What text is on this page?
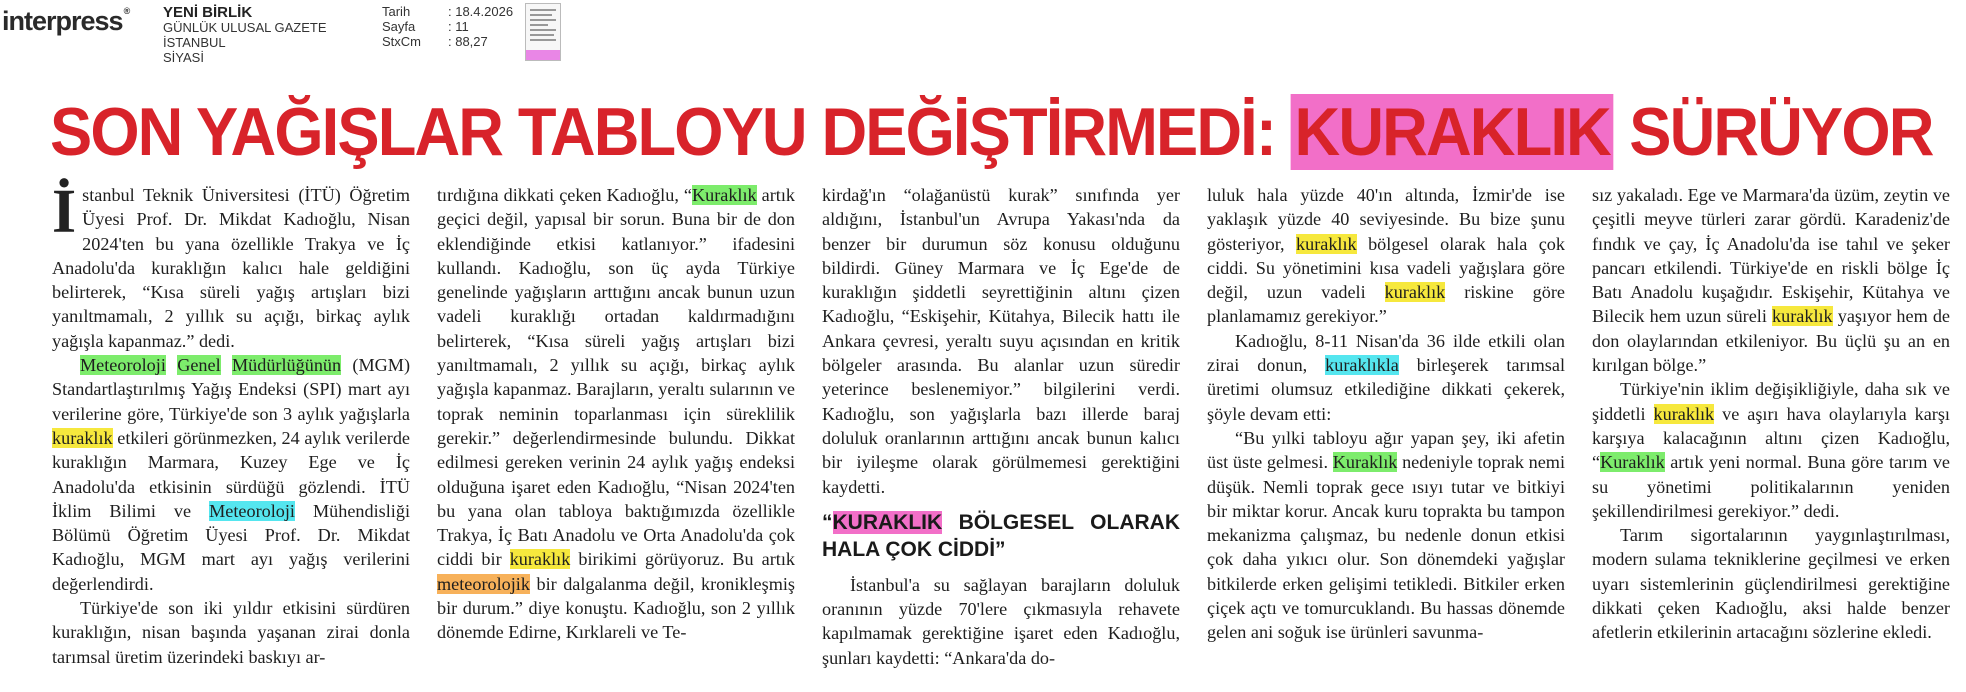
interpress® YENİ BİRLİK
GÜNLÜK ULUSAL GAZETE
İSTANBUL
SİYASİ
Tarih	: 18.4.2026
Sayfa	: 11
StxCm	: 88,27
SON YAĞIŞLAR TABLOYU DEĞİŞTİRMEDİ: KURAKLIK SÜRÜYOR

İstanbul Teknik Üniversitesi (İTÜ) Öğretim Üyesi Prof. Dr. Mikdat Kadıoğlu, Nisan 2024'ten bu yana özellikle Trakya ve İç Anadolu'da kuraklığın kalıcı hale geldiğini belirterek, “Kısa süreli yağış artışları bizi yanıltmamalı, 2 yıllık su açığı, birkaç aylık yağışla kapanmaz.” dedi.

Meteoroloji Genel Müdürlüğünün (MGM) Standartlaştırılmış Yağış Endeksi (SPI) mart ayı verilerine göre, Türkiye'de son 3 aylık yağışlarla kuraklık etkileri görünmezken, 24 aylık verilerde kuraklığın Marmara, Kuzey Ege ve İç Anadolu'da etkisinin sürdüğü gözlendi. İTÜ İklim Bilimi ve Meteoroloji Mühendisliği Bölümü Öğretim Üyesi Prof. Dr. Mikdat Kadıoğlu, MGM mart ayı yağış verilerini değerlendirdi.

Türkiye'de son iki yıldır etkisini sürdüren kuraklığın, nisan başında yaşanan zirai donla tarımsal üretim üzerindeki baskıyı ar-

tırdığına dikkati çeken Kadıoğlu, “Kuraklık artık geçici değil, yapısal bir sorun. Buna bir de don eklendiğinde etkisi katlanıyor.” ifadesini kullandı. Kadıoğlu, son üç ayda Türkiye genelinde yağışların arttığını ancak bunun uzun vadeli kuraklığı ortadan kaldırmadığını belirterek, “Kısa süreli yağış artışları bizi yanıltmamalı, 2 yıllık su açığı, birkaç aylık yağışla kapanmaz. Barajların, yeraltı sularının ve toprak neminin toparlanması için süreklilik gerekir.” değerlendirmesinde bulundu. Dikkat edilmesi gereken verinin 24 aylık yağış endeksi olduğuna işaret eden Kadıoğlu, “Nisan 2024'ten bu yana olan tabloya baktığımızda özellikle Trakya, İç Batı Anadolu ve Orta Anadolu'da çok ciddi bir kuraklık birikimi görüyoruz. Bu artık meteorolojik bir dalgalanma değil, kronikleşmiş bir durum.” diye konuştu. Kadıoğlu, son 2 yıllık dönemde Edirne, Kırklareli ve Te-

kirdağ'ın “olağanüstü kurak” sınıfında yer aldığını, İstanbul'un Avrupa Yakası'nda da benzer bir durumun söz konusu olduğunu bildirdi. Güney Marmara ve İç Ege'de de kuraklığın şiddetli seyrettiğinin altını çizen Kadıoğlu, “Eskişehir, Kütahya, Bilecik hattı ile Ankara çevresi, yeraltı suyu açısından en kritik bölgeler arasında. Bu alanlar uzun süredir yeterince beslenemiyor.” bilgilerini verdi. Kadıoğlu, son yağışlarla bazı illerde baraj doluluk oranlarının arttığını ancak bunun kalıcı bir iyileşme olarak görülmemesi gerektiğini kaydetti.

“KURAKLIK BÖLGESEL OLARAK HALA ÇOK CİDDİ”

İstanbul'a su sağlayan barajların doluluk oranının yüzde 70'lere çıkmasıyla rehavete kapılmamak gerektiğine işaret eden Kadıoğlu, şunları kaydetti: “Ankara'da do-

luluk hala yüzde 40'ın altında, İzmir'de ise yaklaşık yüzde 40 seviyesinde. Bu bize şunu gösteriyor, kuraklık bölgesel olarak hala çok ciddi. Su yönetimini kısa vadeli yağışlara göre değil, uzun vadeli kuraklık riskine göre planlamamız gerekiyor.”

Kadıoğlu, 8-11 Nisan'da 36 ilde etkili olan zirai donun, kuraklıkla birleşerek tarımsal üretimi olumsuz etkilediğine dikkati çekerek, şöyle devam etti:

“Bu yılki tabloyu ağır yapan şey, iki afetin üst üste gelmesi. Kuraklık nedeniyle toprak nemi düşük. Nemli toprak gece ısıyı tutar ve bitkiyi bir miktar korur. Ancak kuru toprakta bu tampon mekanizma çalışmaz, bu nedenle donun etkisi çok daha yıkıcı olur. Son dönemdeki yağışlar bitkilerde erken gelişimi tetikledi. Bitkiler erken çiçek açtı ve tomurcuklandı. Bu hassas dönemde gelen ani soğuk ise ürünleri savunma-

sız yakaladı. Ege ve Marmara'da üzüm, zeytin ve çeşitli meyve türleri zarar gördü. Karadeniz'de fındık ve çay, İç Anadolu'da ise tahıl ve şeker pancarı etkilendi. Türkiye'de en riskli bölge İç Batı Anadolu kuşağıdır. Eskişehir, Kütahya ve Bilecik hem uzun süreli kuraklık yaşıyor hem de don olaylarından etkileniyor. Bu üçlü şu an en kırılgan bölge.”

Türkiye'nin iklim değişikliğiyle, daha sık ve şiddetli kuraklık ve aşırı hava olaylarıyla karşı karşıya kalacağının altını çizen Kadıoğlu, “Kuraklık artık yeni normal. Buna göre tarım ve su yönetimi politikalarının yeniden şekillendirilmesi gerekiyor.” dedi.

Tarım sigortalarının yaygınlaştırılması, modern sulama tekniklerine geçilmesi ve erken uyarı sistemlerinin güçlendirilmesi gerektiğine dikkati çeken Kadıoğlu, aksi halde benzer afetlerin etkilerinin artacağını sözlerine ekledi.
